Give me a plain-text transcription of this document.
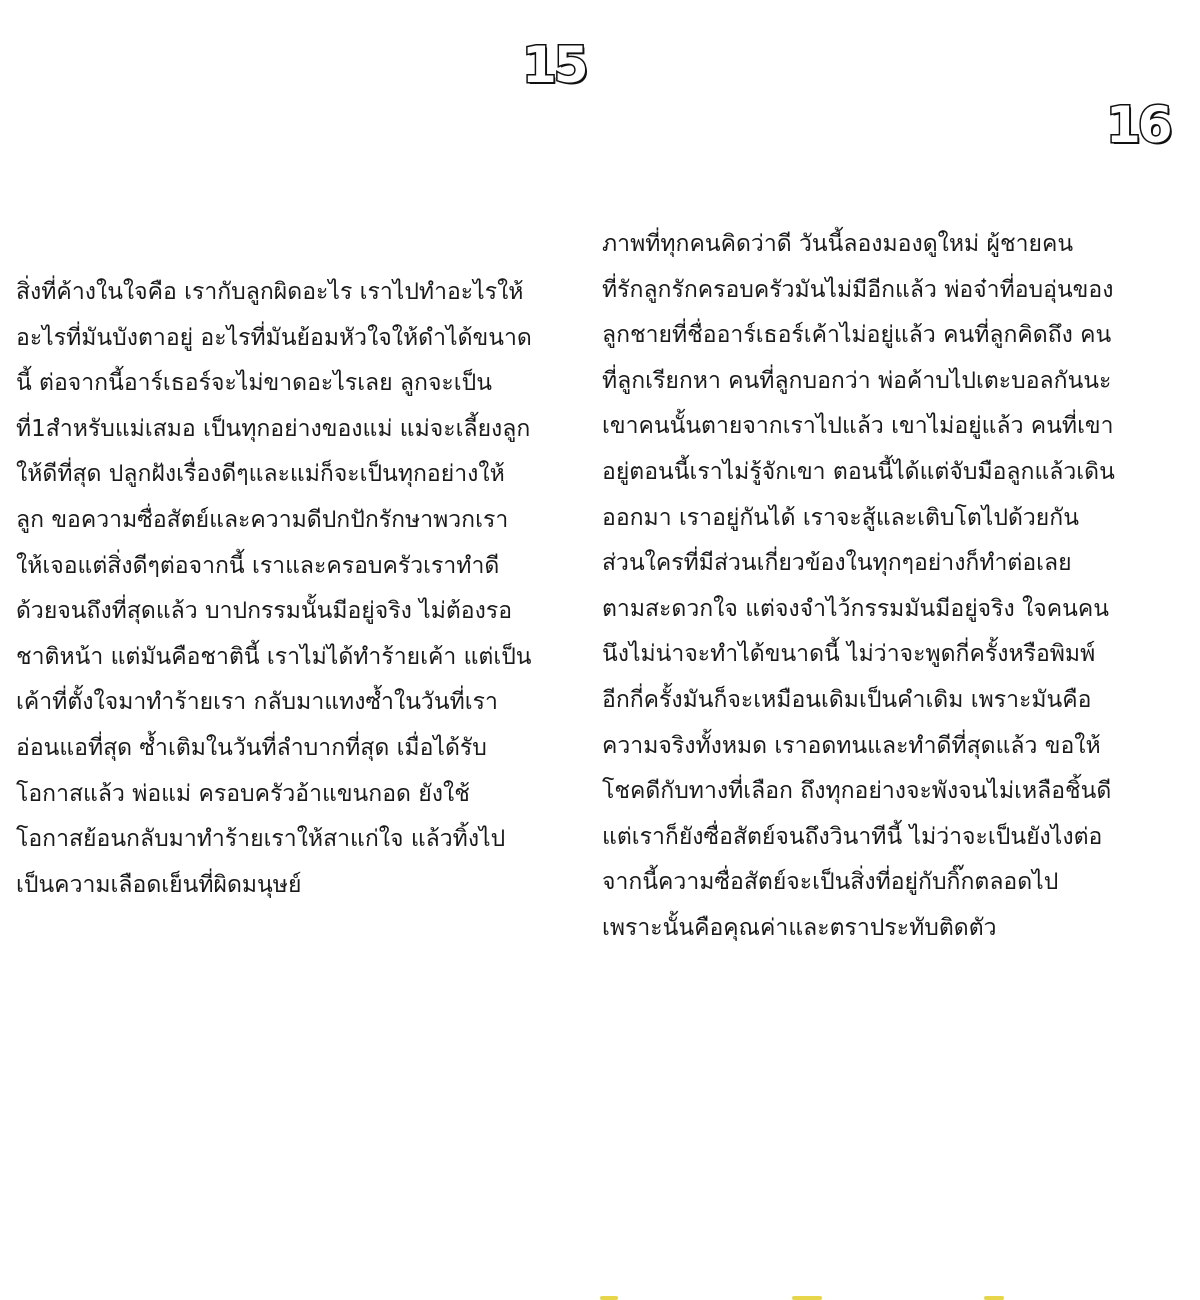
15
16
สิ่งที่ค้างในใจคือ เรากับลูกผิดอะไร เราไปทำอะไรให้
อะไรที่มันบังตาอยู่ อะไรที่มันย้อมหัวใจให้ดำได้ขนาด
นี้ ต่อจากนี้อาร์เธอร์จะไม่ขาดอะไรเลย ลูกจะเป็น
ที่1สำหรับแม่เสมอ เป็นทุกอย่างของแม่ แม่จะเลี้ยงลูก
ให้ดีที่สุด ปลูกฝังเรื่องดีๆและแม่ก็จะเป็นทุกอย่างให้
ลูก ขอความซื่อสัตย์และความดีปกปักรักษาพวกเรา
ให้เจอแต่สิ่งดีๆต่อจากนี้ เราและครอบครัวเราทำดี
ด้วยจนถึงที่สุดแล้ว บาปกรรมนั้นมีอยู่จริง ไม่ต้องรอ
ชาติหน้า แต่มันคือชาตินี้ เราไม่ได้ทำร้ายเค้า แต่เป็น
เค้าที่ตั้งใจมาทำร้ายเรา กลับมาแทงซ้ำในวันที่เรา
อ่อนแอที่สุด ซ้ำเติมในวันที่ลำบากที่สุด เมื่อได้รับ
โอกาสแล้ว พ่อแม่ ครอบครัวอ้าแขนกอด ยังใช้
โอกาสย้อนกลับมาทำร้ายเราให้สาแก่ใจ แล้วทิ้งไป
เป็นความเลือดเย็นที่ผิดมนุษย์
ภาพที่ทุกคนคิดว่าดี วันนี้ลองมองดูใหม่ ผู้ชายคน
ที่รักลูกรักครอบครัวมันไม่มีอีกแล้ว พ่อจ๋าที่อบอุ่นของ
ลูกชายที่ชื่ออาร์เธอร์เค้าไม่อยู่แล้ว คนที่ลูกคิดถึง คน
ที่ลูกเรียกหา คนที่ลูกบอกว่า พ่อค้าบไปเตะบอลกันนะ
เขาคนนั้นตายจากเราไปแล้ว เขาไม่อยู่แล้ว คนที่เขา
อยู่ตอนนี้เราไม่รู้จักเขา ตอนนี้ได้แต่จับมือลูกแล้วเดิน
ออกมา เราอยู่กันได้ เราจะสู้และเติบโตไปด้วยกัน
ส่วนใครที่มีส่วนเกี่ยวข้องในทุกๆอย่างก็ทำต่อเลย
ตามสะดวกใจ แต่จงจำไว้กรรมมันมีอยู่จริง ใจคนคน
นึงไม่น่าจะทำได้ขนาดนี้ ไม่ว่าจะพูดกี่ครั้งหรือพิมพ์
อีกกี่ครั้งมันก็จะเหมือนเดิมเป็นคำเดิม เพราะมันคือ
ความจริงทั้งหมด เราอดทนและทำดีที่สุดแล้ว ขอให้
โชคดีกับทางที่เลือก ถึงทุกอย่างจะพังจนไม่เหลือชิ้นดี
แต่เราก็ยังซื่อสัตย์จนถึงวินาทีนี้ ไม่ว่าจะเป็นยังไงต่อ
จากนี้ความซื่อสัตย์จะเป็นสิ่งที่อยู่กับกิ๊กตลอดไป
เพราะนั้นคือคุณค่าและตราประทับติดตัว
